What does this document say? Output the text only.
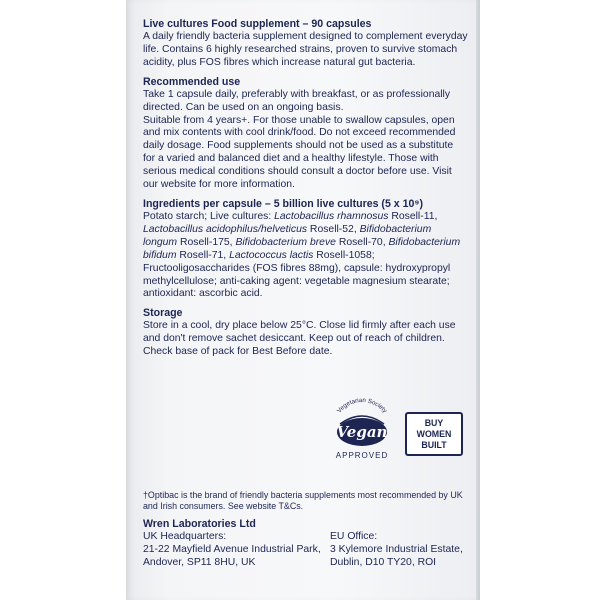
Live cultures Food supplement – 90 capsules

A daily friendly bacteria supplement designed to complement everyday life. Contains 6 highly researched strains, proven to survive stomach acidity, plus FOS fibres which increase natural gut bacteria.

Recommended use

Take 1 capsule daily, preferably with breakfast, or as professionally directed. Can be used on an ongoing basis.

Suitable from 4 years+. For those unable to swallow capsules, open and mix contents with cool drink/food. Do not exceed recommended daily dosage. Food supplements should not be used as a substitute for a varied and balanced diet and a healthy lifestyle. Those with serious medical conditions should consult a doctor before use. Visit our website for more information.

Ingredients per capsule – 5 billion live cultures (5 x 10⁹)

Potato starch; Live cultures: Lactobacillus rhamnosus Rosell-11, Lactobacillus acidophilus/helveticus Rosell-52, Bifidobacterium longum Rosell-175, Bifidobacterium breve Rosell-70, Bifidobacterium bifidum Rosell-71, Lactococcus lactis Rosell-1058; Fructooligosaccharides (FOS fibres 88mg), capsule: hydroxypropyl methylcellulose; anti-caking agent: vegetable magnesium stearate; antioxidant: ascorbic acid.

Storage

Store in a cool, dry place below 25°C. Close lid firmly after each use and don't remove sachet desiccant. Keep out of reach of children. Check base of pack for Best Before date.

Vegetarian Society
Vegan
APPROVED
BUY
WOMEN
BUILT
†Optibac is the brand of friendly bacteria supplements most recommended by UK and Irish consumers. See website T&Cs.
Wren Laboratories Ltd
UK Headquarters:
21-22 Mayfield Avenue Industrial Park,
Andover, SP11 8HU, UK
EU Office:
3 Kylemore Industrial Estate,
Dublin, D10 TY20, ROI
